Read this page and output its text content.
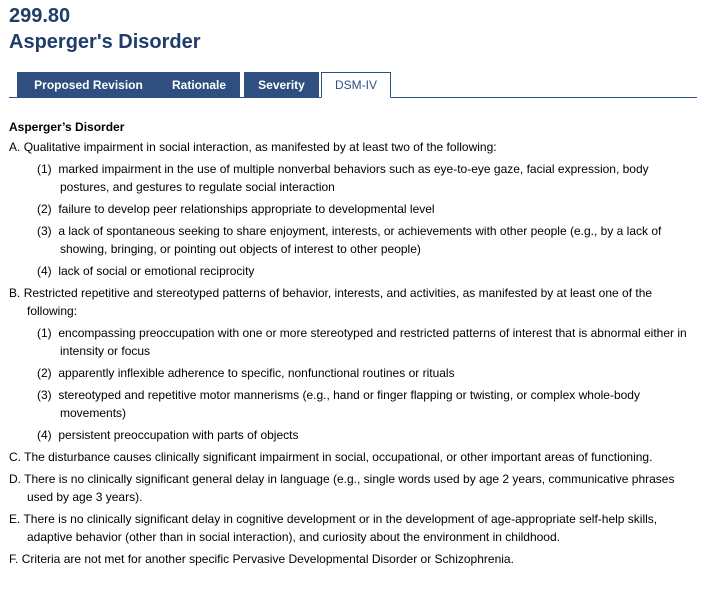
299.80
Asperger's Disorder
Proposed Revision	Rationale	Severity	DSM-IV
Asperger’s Disorder
A. Qualitative impairment in social interaction, as manifested by at least two of the following:
(1) marked impairment in the use of multiple nonverbal behaviors such as eye-to-eye gaze, facial expression, body postures, and gestures to regulate social interaction
(2) failure to develop peer relationships appropriate to developmental level
(3) a lack of spontaneous seeking to share enjoyment, interests, or achievements with other people (e.g., by a lack of showing, bringing, or pointing out objects of interest to other people)
(4) lack of social or emotional reciprocity
B. Restricted repetitive and stereotyped patterns of behavior, interests, and activities, as manifested by at least one of the following:
(1) encompassing preoccupation with one or more stereotyped and restricted patterns of interest that is abnormal either in intensity or focus
(2) apparently inflexible adherence to specific, nonfunctional routines or rituals
(3) stereotyped and repetitive motor mannerisms (e.g., hand or finger flapping or twisting, or complex whole-body movements)
(4) persistent preoccupation with parts of objects
C. The disturbance causes clinically significant impairment in social, occupational, or other important areas of functioning.
D. There is no clinically significant general delay in language (e.g., single words used by age 2 years, communicative phrases used by age 3 years).
E. There is no clinically significant delay in cognitive development or in the development of age-appropriate self-help skills, adaptive behavior (other than in social interaction), and curiosity about the environment in childhood.
F. Criteria are not met for another specific Pervasive Developmental Disorder or Schizophrenia.
